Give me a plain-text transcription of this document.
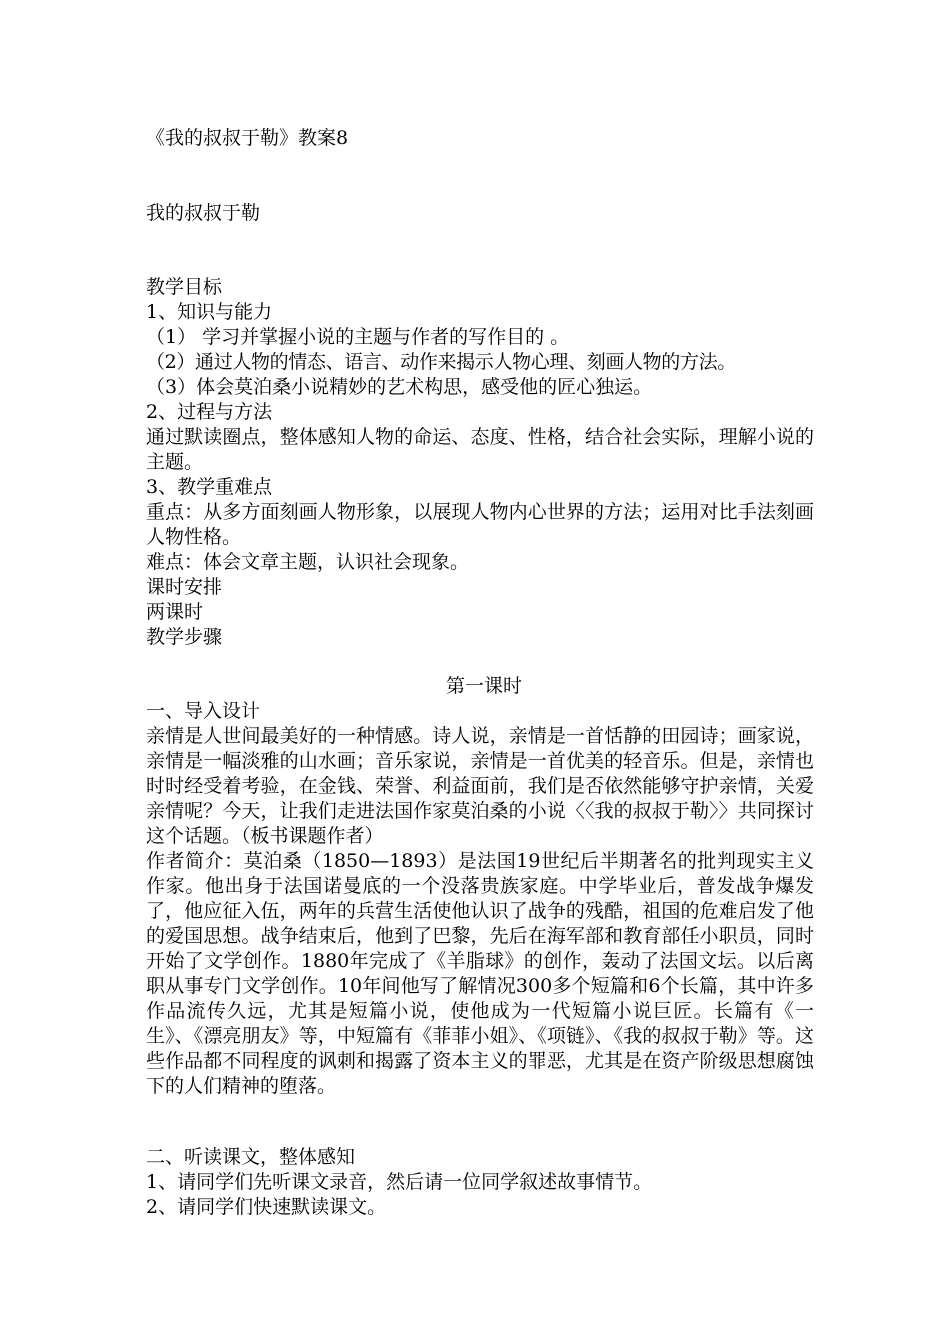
《我的叔叔于勒》教案8
我的叔叔于勒
教学目标
1、知识与能力
（1） 学习并掌握小说的主题与作者的写作目的 。
（2）通过人物的情态、语言、动作来揭示人物心理、刻画人物的方法。
（3）体会莫泊桑小说精妙的艺术构思，感受他的匠心独运。
2、过程与方法
通过默读圈点，整体感知人物的命运、态度、性格，结合社会实际，理解小说的主题。
3、教学重难点
重点：从多方面刻画人物形象，以展现人物内心世界的方法；运用对比手法刻画人物性格。
难点：体会文章主题，认识社会现象。
课时安排
两课时
教学步骤
第一课时
一、导入设计
亲情是人世间最美好的一种情感。诗人说，亲情是一首恬静的田园诗；画家说，亲情是一幅淡雅的山水画；音乐家说，亲情是一首优美的轻音乐。但是，亲情也时时经受着考验，在金钱、荣誉、利益面前，我们是否依然能够守护亲情，关爱亲情呢？今天，让我们走进法国作家莫泊桑的小说〈〈我的叔叔于勒〉〉共同探讨这个话题。（板书课题作者）
作者简介：莫泊桑（1850—1893）是法国19世纪后半期著名的批判现实主义作家。他出身于法国诺曼底的一个没落贵族家庭。中学毕业后，普发战争爆发了，他应征入伍，两年的兵营生活使他认识了战争的残酷，祖国的危难启发了他的爱国思想。战争结束后，他到了巴黎，先后在海军部和教育部任小职员，同时开始了文学创作。1880年完成了《羊脂球》的创作，轰动了法国文坛。以后离职从事专门文学创作。10年间他写了解情况300多个短篇和6个长篇，其中许多作品流传久远，尤其是短篇小说，使他成为一代短篇小说巨匠。长篇有《一生》、《漂亮朋友》等，中短篇有《菲菲小姐》、《项链》、《我的叔叔于勒》等。这些作品都不同程度的讽刺和揭露了资本主义的罪恶，尤其是在资产阶级思想腐蚀下的人们精神的堕落。
二、听读课文，整体感知
1、请同学们先听课文录音，然后请一位同学叙述故事情节。
2、请同学们快速默读课文。
